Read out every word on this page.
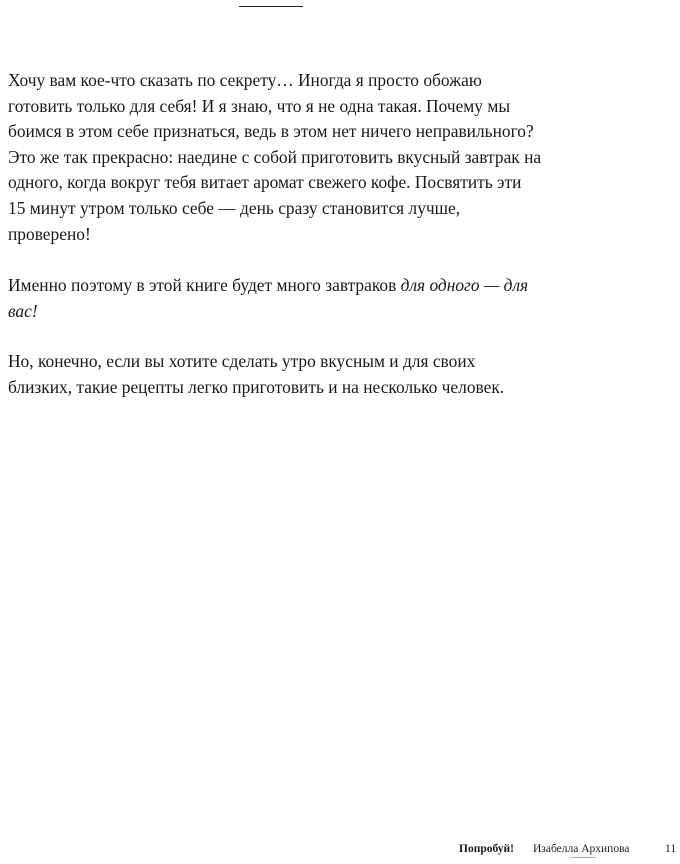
Хочу вам кое-что сказать по секрету… Иногда я просто обожаю готовить только для себя! И я знаю, что я не одна такая. Почему мы боимся в этом себе признаться, ведь в этом нет ничего неправильного? Это же так прекрасно: наедине с собой приготовить вкусный завтрак на одного, когда вокруг тебя витает аромат свежего кофе. Посвятить эти 15 минут утром только себе — день сразу становится лучше, проверено!

Именно поэтому в этой книге будет много завтраков для одного — для вас!

Но, конечно, если вы хотите сделать утро вкусным и для своих близких, такие рецепты легко приготовить и на несколько человек.

Попробуй! Изабелла Архипова	11
